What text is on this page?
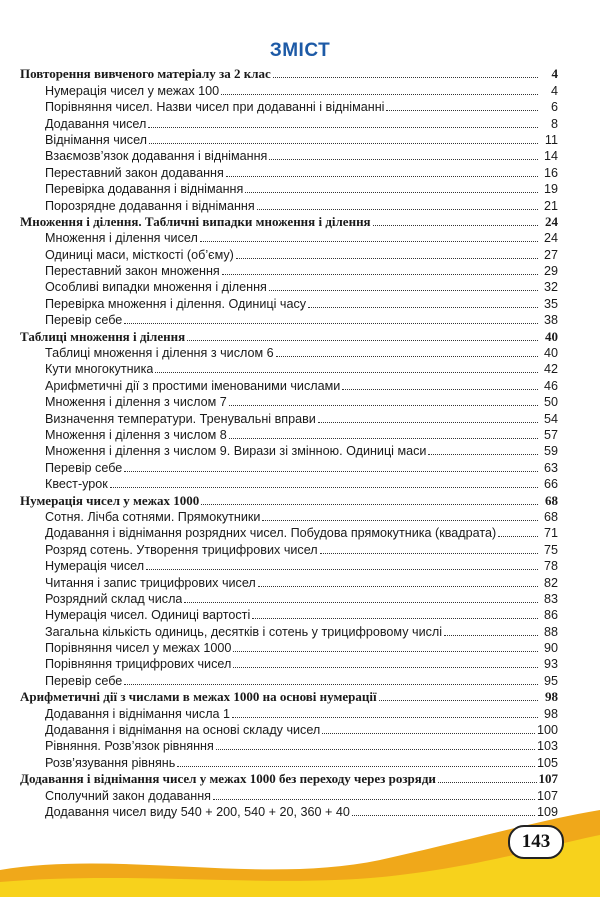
ЗМІСТ
Повторення вивченого матеріалу за 2 клас	4
Нумерація чисел у межах 100	4
Порівняння чисел. Назви чисел при додаванні і відніманні	6
Додавання чисел	8
Віднімання чисел	11
Взаємозв’язок додавання і віднімання	14
Переставний закон додавання	16
Перевірка додавання і віднімання	19
Порозрядне додавання і віднімання	21
Множення і ділення. Табличні випадки множення і ділення	24
Множення і ділення чисел	24
Одиниці маси, місткості (об’єму)	27
Переставний закон множення	29
Особливі випадки множення і ділення	32
Перевірка множення і ділення. Одиниці часу	35
Перевір себе	38
Таблиці множення і ділення	40
Таблиці множення і ділення з числом 6	40
Кути многокутника	42
Арифметичні дії з простими іменованими числами	46
Множення і ділення з числом 7	50
Визначення температури. Тренувальні вправи	54
Множення і ділення з числом 8	57
Множення і ділення з числом 9. Вирази зі змінною. Одиниці маси	59
Перевір себе	63
Квест-урок	66
Нумерація чисел у межах 1000	68
Сотня. Лічба сотнями. Прямокутники	68
Додавання і віднімання розрядних чисел. Побудова прямокутника (квадрата)	71
Розряд сотень. Утворення трицифрових чисел	75
Нумерація чисел	78
Читання і запис трицифрових чисел	82
Розрядний склад числа	83
Нумерація чисел. Одиниці вартості	86
Загальна кількість одиниць, десятків і сотень у трицифровому числі	88
Порівняння чисел у межах 1000	90
Порівняння трицифрових чисел	93
Перевір себе	95
Арифметичні дії з числами в межах 1000 на основі нумерації	98
Додавання і віднімання числа 1	98
Додавання і віднімання на основі складу чисел	100
Рівняння. Розв’язок рівняння	103
Розв’язування рівнянь	105
Додавання і віднімання чисел у межах 1000 без переходу через розряди	107
Сполучний закон додавання	107
Додавання чисел виду 540 + 200, 540 + 20, 360 + 40	109
143
